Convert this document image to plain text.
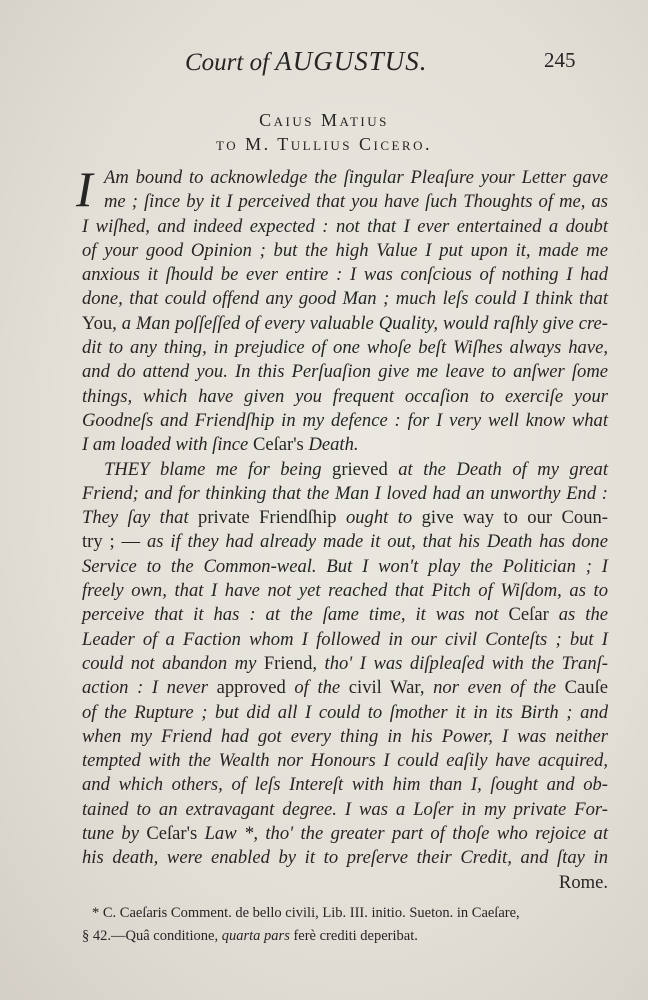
Court of AUGUSTUS.	245
Caius Matius
to M. Tullius Cicero.
I Am bound to acknowledge the ſingular Pleaſure your Letter gave
me ; ſince by it I perceived that you have ſuch Thoughts of me, as
I wiſhed, and indeed expected : not that I ever entertained a doubt
of your good Opinion ; but the high Value I put upon it, made me
anxious it ſhould be ever entire : I was conſcious of nothing I had
done, that could offend any good Man ; much leſs could I think that
You, a Man poſſeſſed of every valuable Quality, would raſhly give cre-
dit to any thing, in prejudice of one whoſe beſt Wiſhes always have,
and do attend you. In this Perſuaſion give me leave to anſwer ſome
things, which have given you frequent occaſion to exerciſe your
Goodneſs and Friendſhip in my defence : for I very well know what
I am loaded with ſince Ceſar's Death.
THEY blame me for being grieved at the Death of my great
Friend; and for thinking that the Man I loved had an unworthy End :
They ſay that private Friendſhip ought to give way to our Coun-
try ; — as if they had already made it out, that his Death has done
Service to the Common-weal. But I won't play the Politician ; I
freely own, that I have not yet reached that Pitch of Wiſdom, as to
perceive that it has : at the ſame time, it was not Ceſar as the
Leader of a Faction whom I followed in our civil Conteſts ; but I
could not abandon my Friend, tho' I was diſpleaſed with the Tranſ-
action : I never approved of the civil War, nor even of the Cauſe
of the Rupture ; but did all I could to ſmother it in its Birth ; and
when my Friend had got every thing in his Power, I was neither
tempted with the Wealth nor Honours I could eaſily have acquired,
and which others, of leſs Intereſt with him than I, ſought and ob-
tained to an extravagant degree. I was a Loſer in my private For-
tune by Ceſar's Law *, tho' the greater part of thoſe who rejoice at
his death, were enabled by it to preſerve their Credit, and ſtay in
Rome.
* C. Caeſaris Comment. de bello civili, Lib. III. initio. Sueton. in Caeſare,
§ 42.—Quâ conditione, quarta pars ferè crediti deperibat.
